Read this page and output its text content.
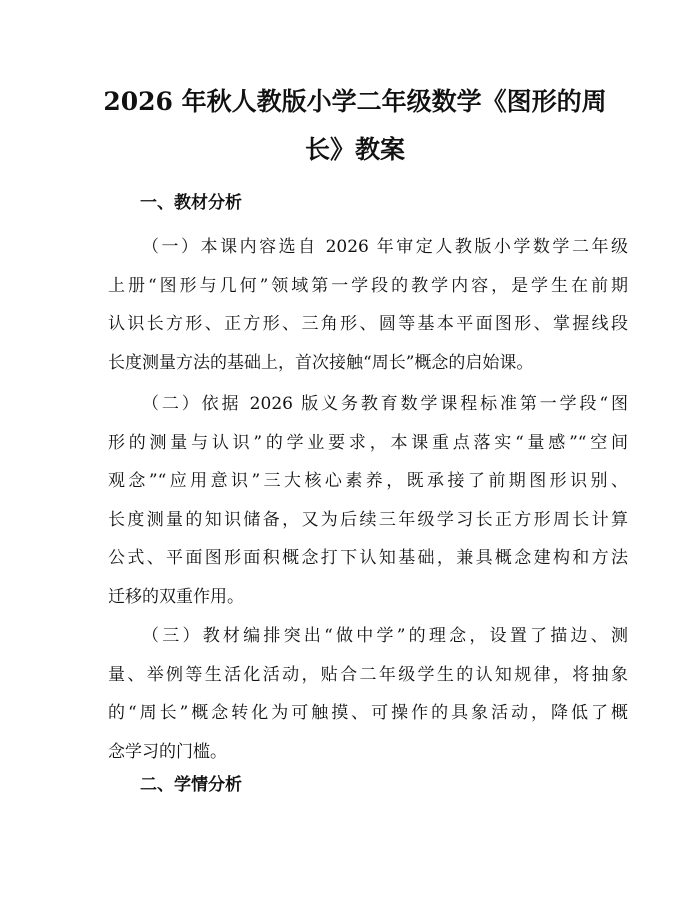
2026 年秋人教版小学二年级数学《图形的周
长》教案
一、教材分析
（一）本课内容选自 2026 年审定人教版小学数学二年级
上册“图形与几何”领域第一学段的教学内容，是学生在前期
认识长方形、正方形、三角形、圆等基本平面图形、掌握线段
长度测量方法的基础上，首次接触“周长”概念的启始课。
（二）依据 2026 版义务教育数学课程标准第一学段“图
形的测量与认识”的学业要求，本课重点落实“量感”“空间
观念”“应用意识”三大核心素养，既承接了前期图形识别、
长度测量的知识储备，又为后续三年级学习长正方形周长计算
公式、平面图形面积概念打下认知基础，兼具概念建构和方法
迁移的双重作用。
（三）教材编排突出“做中学”的理念，设置了描边、测
量、举例等生活化活动，贴合二年级学生的认知规律，将抽象
的“周长”概念转化为可触摸、可操作的具象活动，降低了概
念学习的门槛。
二、学情分析
